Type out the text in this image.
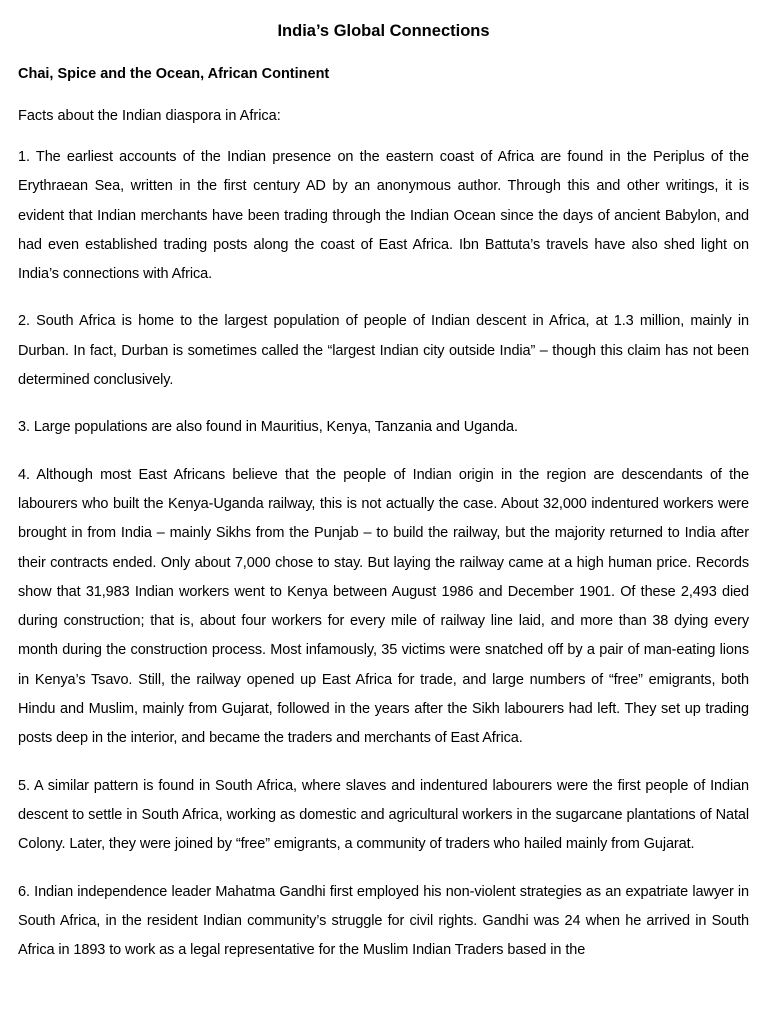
India’s Global Connections
Chai, Spice and the Ocean, African Continent

Facts about the Indian diaspora in Africa:

1. The earliest accounts of the Indian presence on the eastern coast of Africa are found in the Periplus of the Erythraean Sea, written in the first century AD by an anonymous author. Through this and other writings, it is evident that Indian merchants have been trading through the Indian Ocean since the days of ancient Babylon, and had even established trading posts along the coast of East Africa. Ibn Battuta’s travels have also shed light on India’s connections with Africa.

2. South Africa is home to the largest population of people of Indian descent in Africa, at 1.3 million, mainly in Durban. In fact, Durban is sometimes called the “largest Indian city outside India” – though this claim has not been determined conclusively.

3. Large populations are also found in Mauritius, Kenya, Tanzania and Uganda.

4. Although most East Africans believe that the people of Indian origin in the region are descendants of the labourers who built the Kenya-Uganda railway, this is not actually the case. About 32,000 indentured workers were brought in from India – mainly Sikhs from the Punjab – to build the railway, but the majority returned to India after their contracts ended. Only about 7,000 chose to stay. But laying the railway came at a high human price. Records show that 31,983 Indian workers went to Kenya between August 1986 and December 1901. Of these 2,493 died during construction; that is, about four workers for every mile of railway line laid, and more than 38 dying every month during the construction process. Most infamously, 35 victims were snatched off by a pair of man-eating lions in Kenya’s Tsavo. Still, the railway opened up East Africa for trade, and large numbers of “free” emigrants, both Hindu and Muslim, mainly from Gujarat, followed in the years after the Sikh labourers had left. They set up trading posts deep in the interior, and became the traders and merchants of East Africa.

5. A similar pattern is found in South Africa, where slaves and indentured labourers were the first people of Indian descent to settle in South Africa, working as domestic and agricultural workers in the sugarcane plantations of Natal Colony. Later, they were joined by “free” emigrants, a community of traders who hailed mainly from Gujarat.

6. Indian independence leader Mahatma Gandhi first employed his non-violent strategies as an expatriate lawyer in South Africa, in the resident Indian community’s struggle for civil rights. Gandhi was 24 when he arrived in South Africa in 1893 to work as a legal representative for the Muslim Indian Traders based in the
